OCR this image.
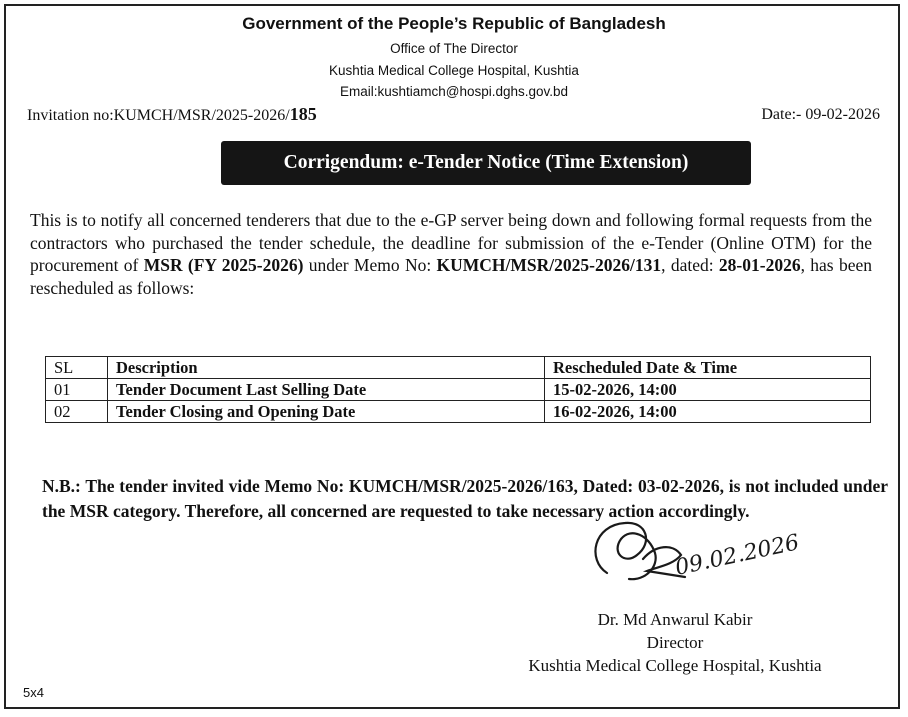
Government of the People’s Republic of Bangladesh
Office of The Director
Kushtia Medical College Hospital, Kushtia
Email:kushtiamch@hospi.dghs.gov.bd
Invitation no:KUMCH/MSR/2025-2026/185	Date:- 09-02-2026
Corrigendum: e-Tender Notice (Time Extension)
This is to notify all concerned tenderers that due to the e-GP server being down and following formal requests from the contractors who purchased the tender schedule, the deadline for submission of the e-Tender (Online OTM) for the procurement of MSR (FY 2025-2026) under Memo No: KUMCH/MSR/2025-2026/131, dated: 28-01-2026, has been rescheduled as follows:
SL	Description	Rescheduled Date & Time
01	Tender Document Last Selling Date	15-02-2026, 14:00
02	Tender Closing and Opening Date	16-02-2026, 14:00
N.B.: The tender invited vide Memo No: KUMCH/MSR/2025-2026/163, Dated: 03-02-2026, is not included under the MSR category. Therefore, all concerned are requested to take necessary action accordingly.
09.02.2026
Dr. Md Anwarul Kabir
Director
Kushtia Medical College Hospital, Kushtia
5x4
